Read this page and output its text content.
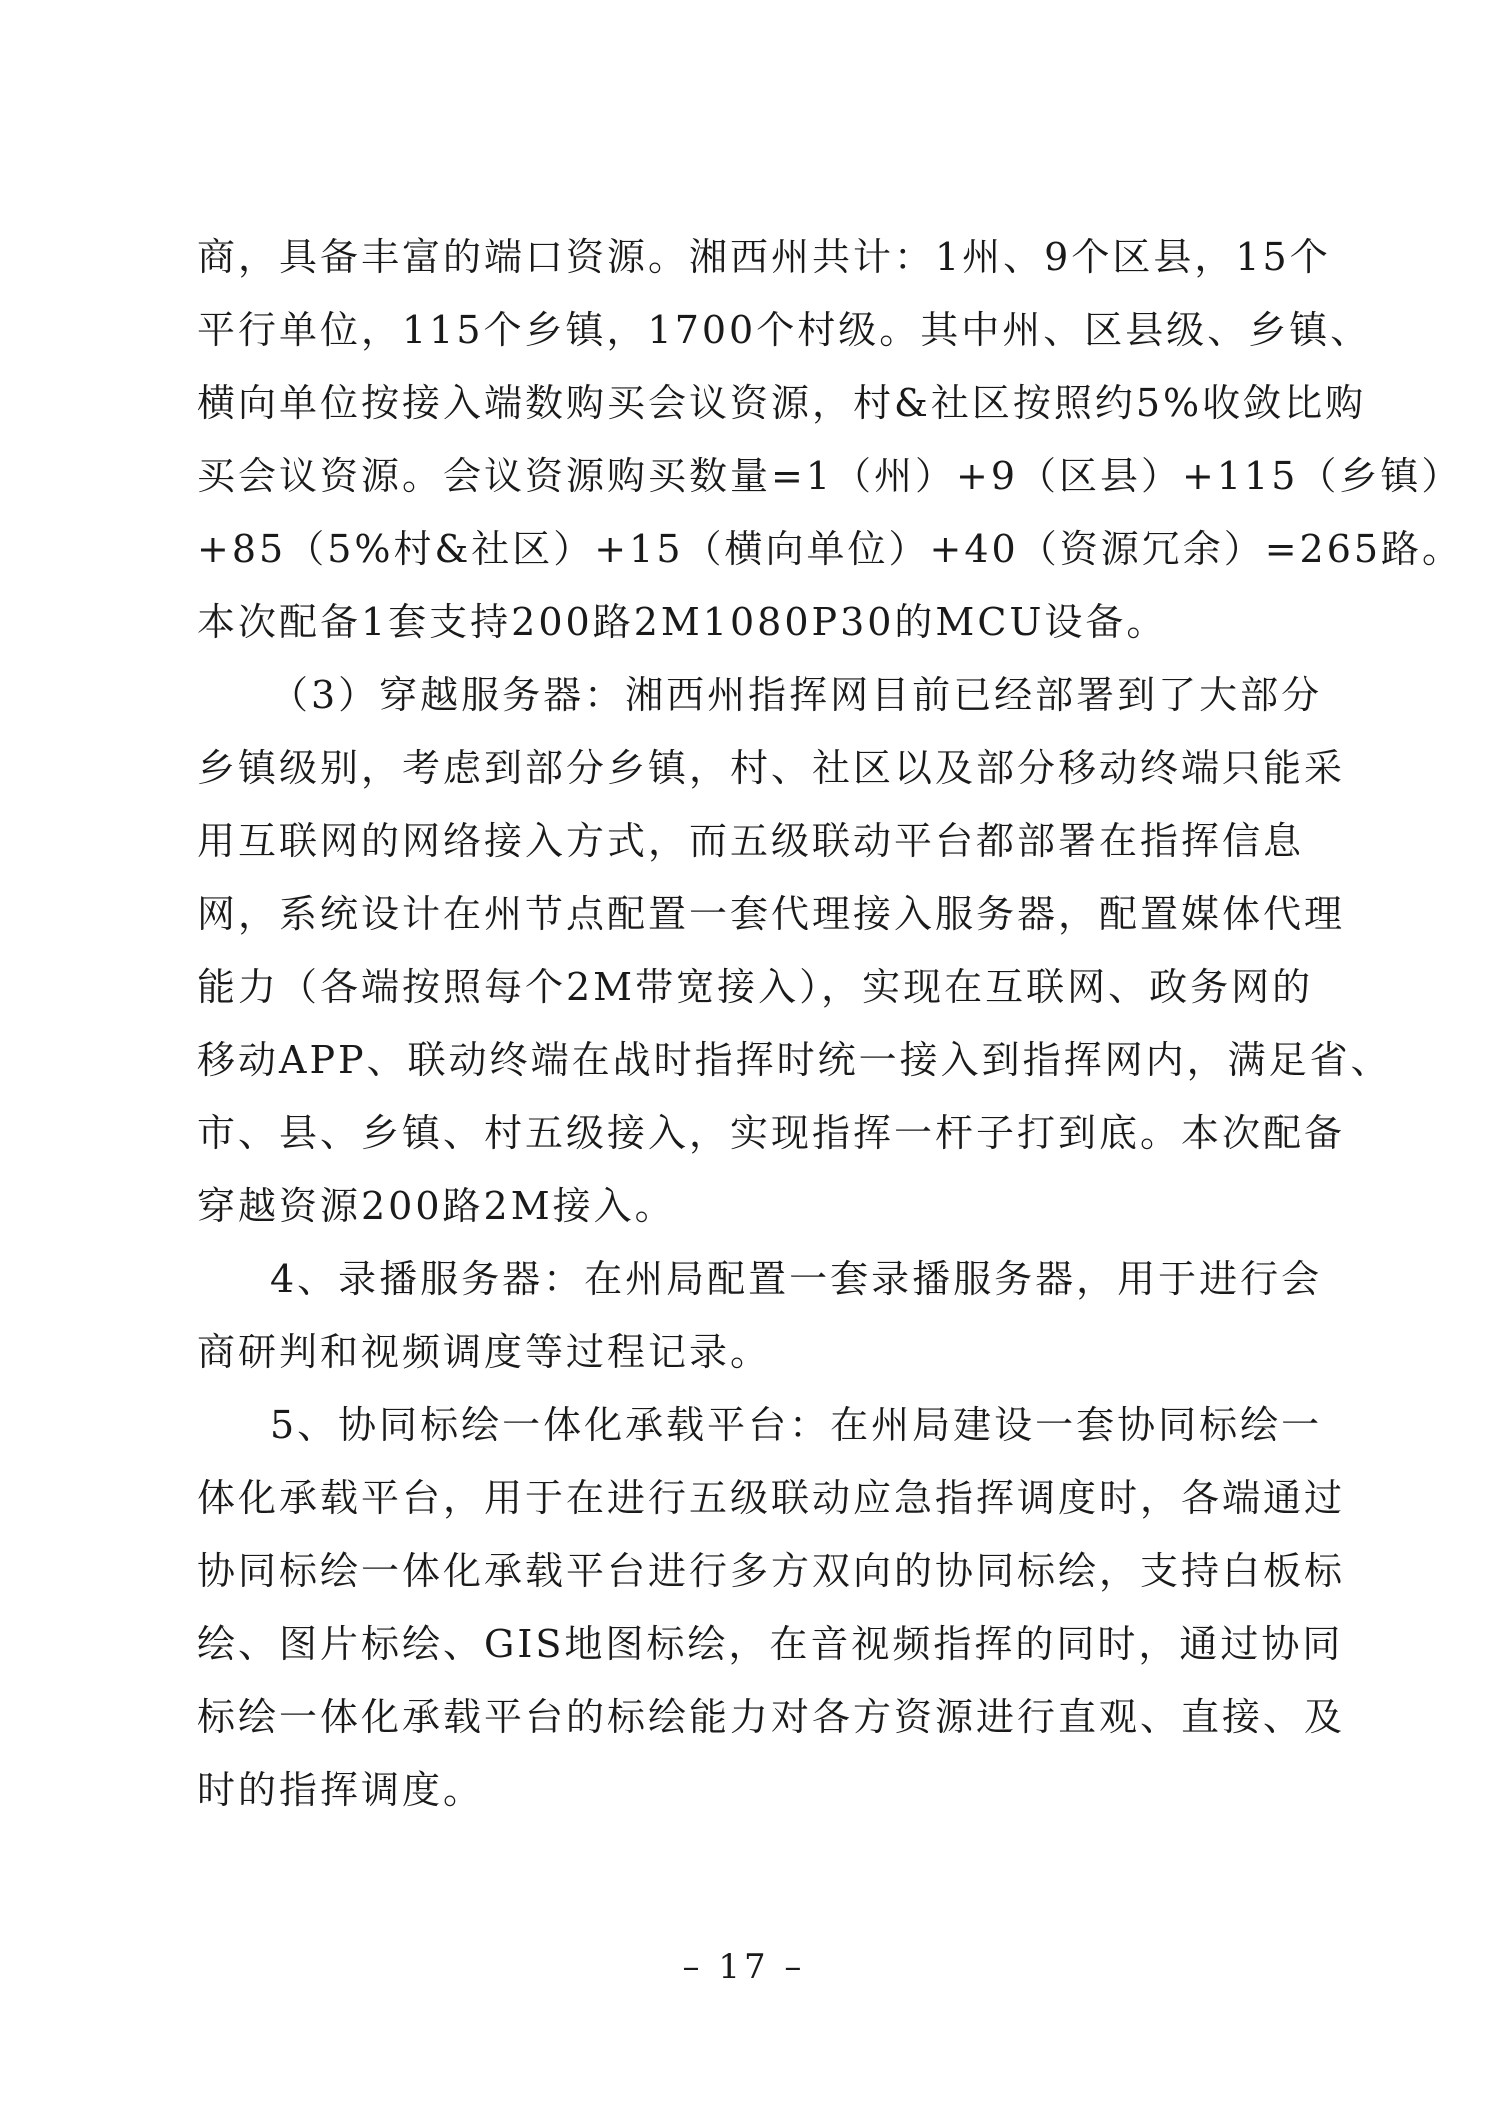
商，具备丰富的端口资源。湘西州共计：1州、9个区县，15个
平行单位，115个乡镇，1700个村级。其中州、区县级、乡镇、
横向单位按接入端数购买会议资源，村&社区按照约5%收敛比购
买会议资源。会议资源购买数量=1（州）+9（区县）+115（乡镇）
+85（5%村&社区）+15（横向单位）+40（资源冗余）=265路。
本次配备1套支持200路2M1080P30的MCU设备。
（3）穿越服务器：湘西州指挥网目前已经部署到了大部分
乡镇级别，考虑到部分乡镇，村、社区以及部分移动终端只能采
用互联网的网络接入方式，而五级联动平台都部署在指挥信息
网，系统设计在州节点配置一套代理接入服务器，配置媒体代理
能力（各端按照每个2M带宽接入），实现在互联网、政务网的
移动APP、联动终端在战时指挥时统一接入到指挥网内，满足省、
市、县、乡镇、村五级接入，实现指挥一杆子打到底。本次配备
穿越资源200路2M接入。
4、录播服务器：在州局配置一套录播服务器，用于进行会
商研判和视频调度等过程记录。
5、协同标绘一体化承载平台：在州局建设一套协同标绘一
体化承载平台，用于在进行五级联动应急指挥调度时，各端通过
协同标绘一体化承载平台进行多方双向的协同标绘，支持白板标
绘、图片标绘、GIS地图标绘，在音视频指挥的同时，通过协同
标绘一体化承载平台的标绘能力对各方资源进行直观、直接、及
时的指挥调度。
– 17 –
